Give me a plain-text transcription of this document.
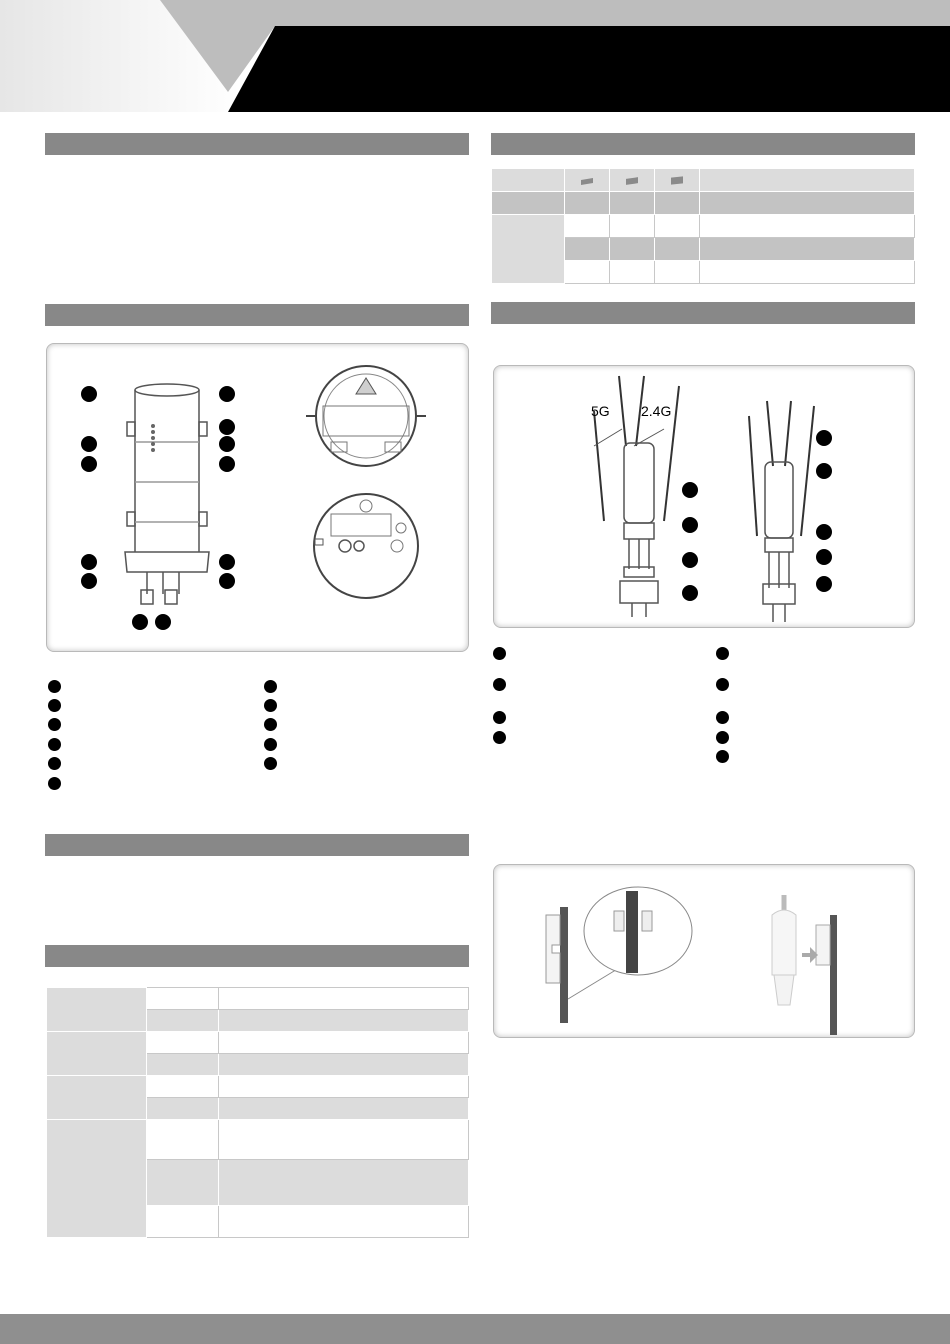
5G 2.4G
